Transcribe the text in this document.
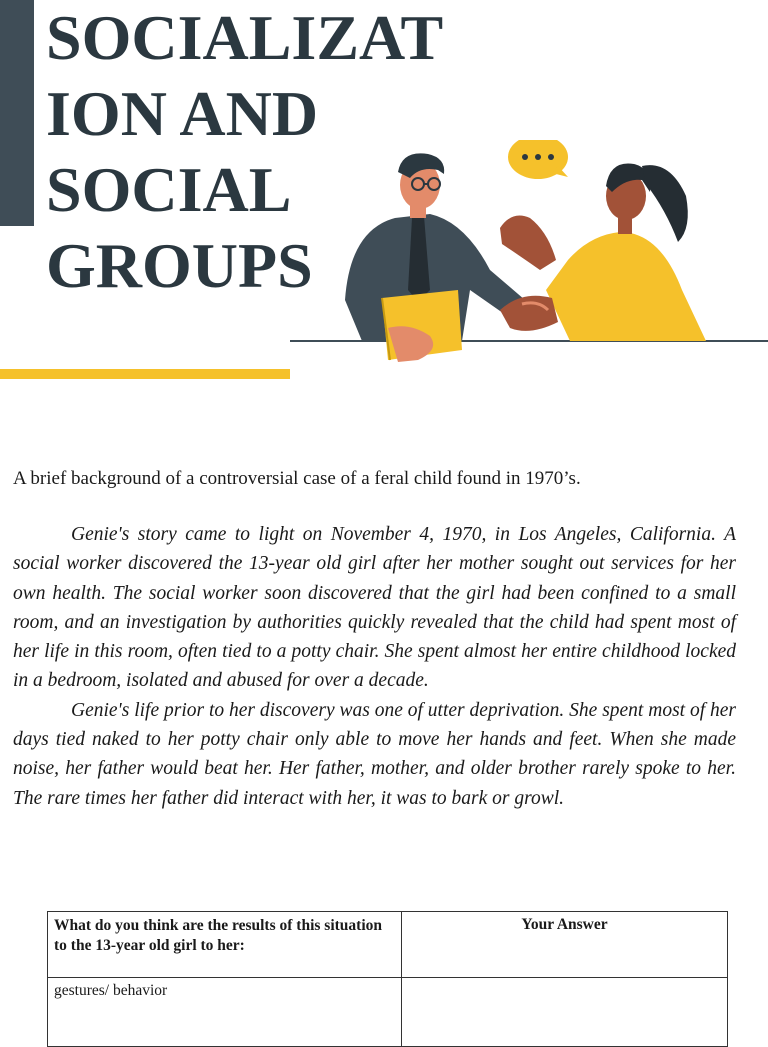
SOCIALIZAT
ION AND
SOCIAL
GROUPS

A brief background of a controversial case of a feral child found in 1970’s.

Genie's story came to light on November 4, 1970, in Los Angeles, California. A social worker discovered the 13-year old girl after her mother sought out services for her own health. The social worker soon discovered that the girl had been confined to a small room, and an investigation by authorities quickly revealed that the child had spent most of her life in this room, often tied to a potty chair. She spent almost her entire childhood locked in a bedroom, isolated and abused for over a decade.

Genie's life prior to her discovery was one of utter deprivation. She spent most of her days tied naked to her potty chair only able to move her hands and feet. When she made noise, her father would beat her. Her father, mother, and older brother rarely spoke to her. The rare times her father did interact with her, it was to bark or growl.

What do you think are the results of this situation to the 13-year old girl to her:	Your Answer
gestures/ behavior	
